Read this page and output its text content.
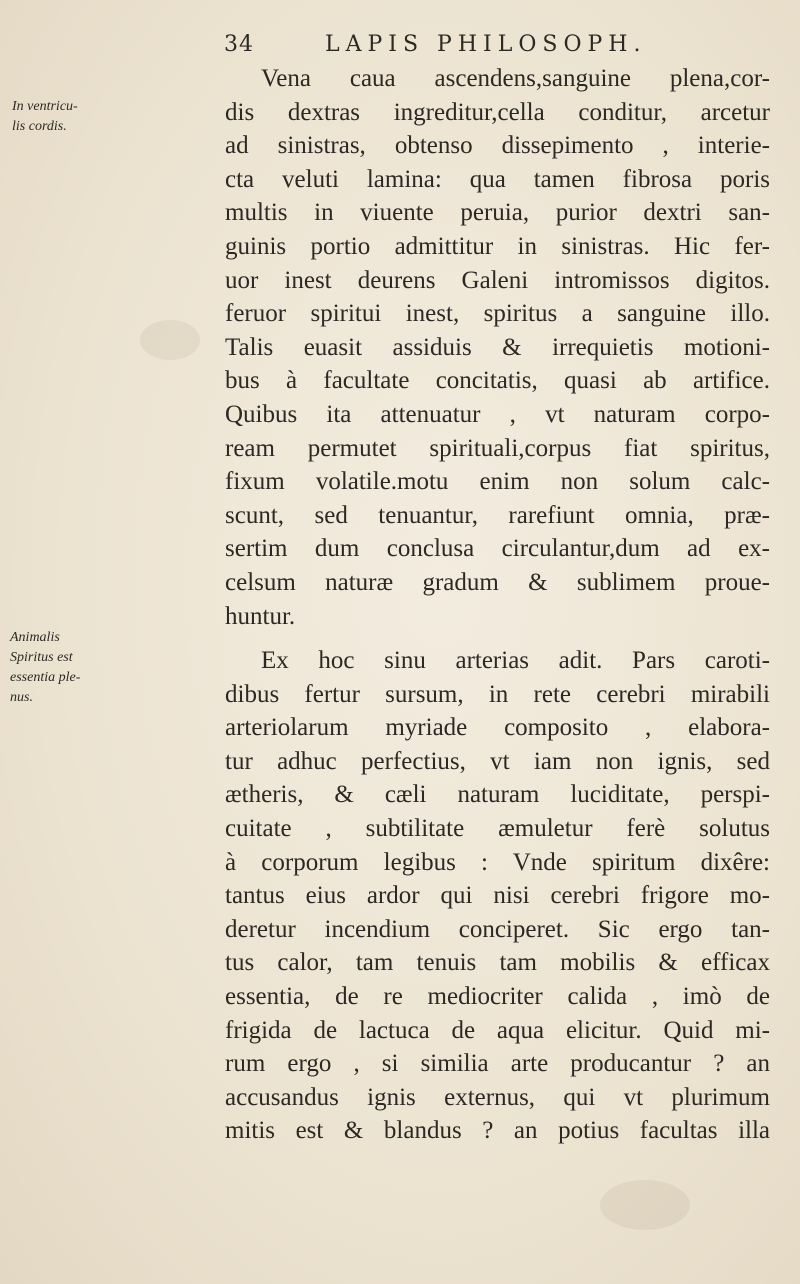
34	LAPIS PHILOSOPH.
In ventricu-
lis cordis.
Animalis
Spiritus est
essentia ple-
nus.
Vena caua ascendens,sanguine plena,cor-
dis dextras ingreditur,cella conditur, arcetur
ad sinistras, obtenso dissepimento , interie-
cta veluti lamina: qua tamen fibrosa poris
multis in viuente peruia, purior dextri san-
guinis portio admittitur in sinistras. Hic fer-
uor inest deurens Galeni intromissos digitos.
feruor spiritui inest, spiritus a sanguine illo.
Talis euasit assiduis & irrequietis motioni-
bus à facultate concitatis, quasi ab artifice.
Quibus ita attenuatur , vt naturam corpo-
ream permutet spirituali,corpus fiat spiritus,
fixum volatile.motu enim non solum calc-
scunt, sed tenuantur, rarefiunt omnia, præ-
sertim dum conclusa circulantur,dum ad ex-
celsum naturæ gradum & sublimem proue-
huntur.
Ex hoc sinu arterias adit. Pars caroti-
dibus fertur sursum, in rete cerebri mirabili
arteriolarum myriade composito , elabora-
tur adhuc perfectius, vt iam non ignis, sed
ætheris, & cæli naturam luciditate, perspi-
cuitate , subtilitate æmuletur ferè solutus
à corporum legibus : Vnde spiritum dixêre:
tantus eius ardor qui nisi cerebri frigore mo-
deretur incendium conciperet. Sic ergo tan-
tus calor, tam tenuis tam mobilis & efficax
essentia, de re mediocriter calida , imò de
frigida de lactuca de aqua elicitur. Quid mi-
rum ergo , si similia arte producantur ? an
accusandus ignis externus, qui vt plurimum
mitis est & blandus ? an potius facultas illa
